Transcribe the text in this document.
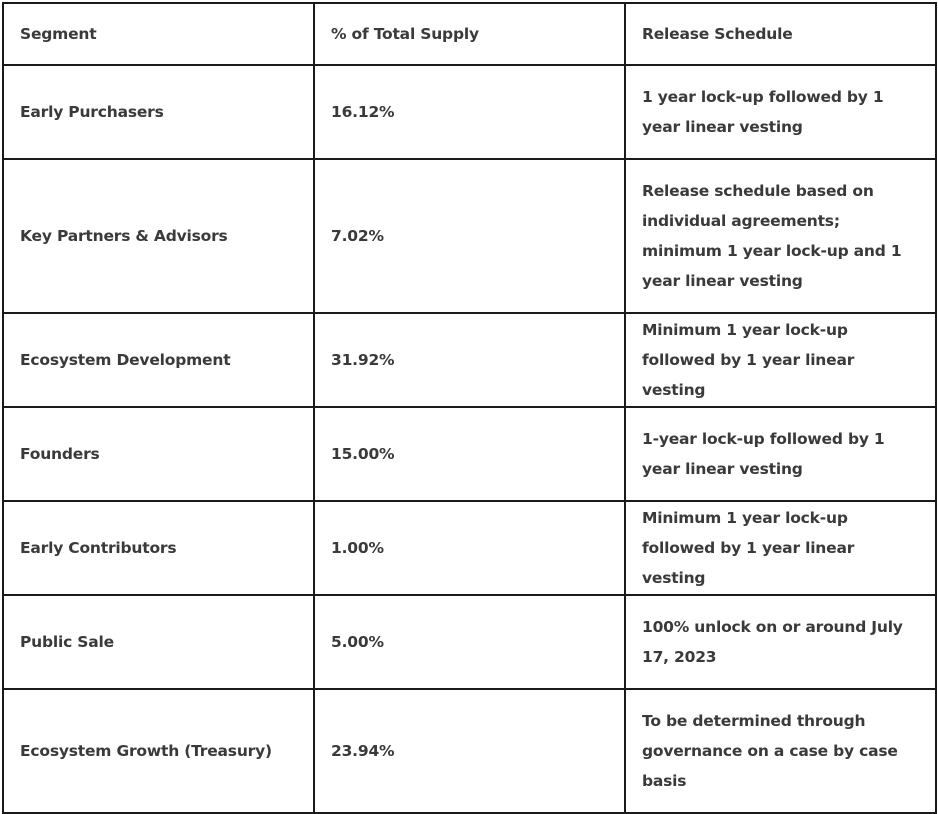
Segment	% of Total Supply	Release Schedule
Early Purchasers	16.12%	1 year lock-up followed by 1 year linear vesting
Key Partners & Advisors	7.02%	Release schedule based on individual agreements; minimum 1 year lock-up and 1 year linear vesting
Ecosystem Development	31.92%	Minimum 1 year lock-up followed by 1 year linear vesting
Founders	15.00%	1-year lock-up followed by 1 year linear vesting
Early Contributors	1.00%	Minimum 1 year lock-up followed by 1 year linear vesting
Public Sale	5.00%	100% unlock on or around July 17, 2023
Ecosystem Growth (Treasury)	23.94%	To be determined through governance on a case by case basis
